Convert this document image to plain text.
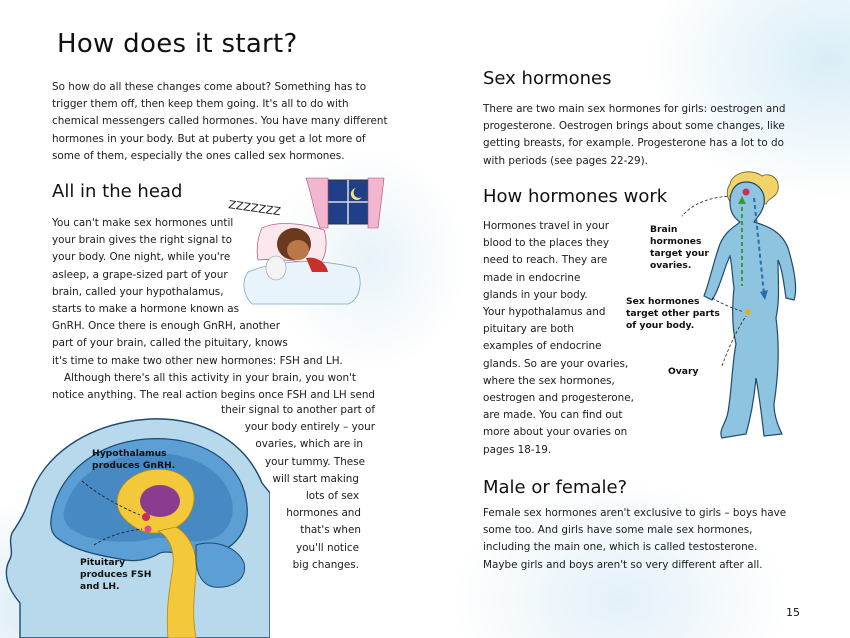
How does it start?
So how do all these changes come about? Something has to
trigger them off, then keep them going. It's all to do with
chemical messengers called hormones. You have many different
hormones in your body. But at puberty you get a lot more of
some of them, especially the ones called sex hormones.
All in the head
ZZZZZZZ
You can't make sex hormones until
your brain gives the right signal to
your body. One night, while you're
asleep, a grape-sized part of your
brain, called your hypothalamus,
starts to make a hormone known as
GnRH. Once there is enough GnRH, another
part of your brain, called the pituitary, knows
it's time to make two other new hormones: FSH and LH.
Although there's all this activity in your brain, you won't
notice anything. The real action begins once FSH and LH send
Hypothalamus
produces GnRH.
Pituitary
produces FSH
and LH.
their signal to another part of
your body entirely – your
ovaries, which are in
your tummy. These
will start making
lots of sex
hormones and
that's when
you'll notice
big changes.
Sex hormones
There are two main sex hormones for girls: oestrogen and
progesterone. Oestrogen brings about some changes, like
getting breasts, for example. Progesterone has a lot to do
with periods (see pages 22-29).
How hormones work
Hormones travel in your
blood to the places they
need to reach. They are
made in endocrine
glands in your body.
Your hypothalamus and
pituitary are both
examples of endocrine
glands. So are your ovaries,
where the sex hormones,
oestrogen and progesterone,
are made. You can find out
more about your ovaries on
pages 18-19.
Brain
hormones
target your
ovaries.
Sex hormones
target other parts
of your body.
Ovary
Male or female?
Female sex hormones aren't exclusive to girls – boys have
some too. And girls have some male sex hormones,
including the main one, which is called testosterone.
Maybe girls and boys aren't so very different after all.
15
